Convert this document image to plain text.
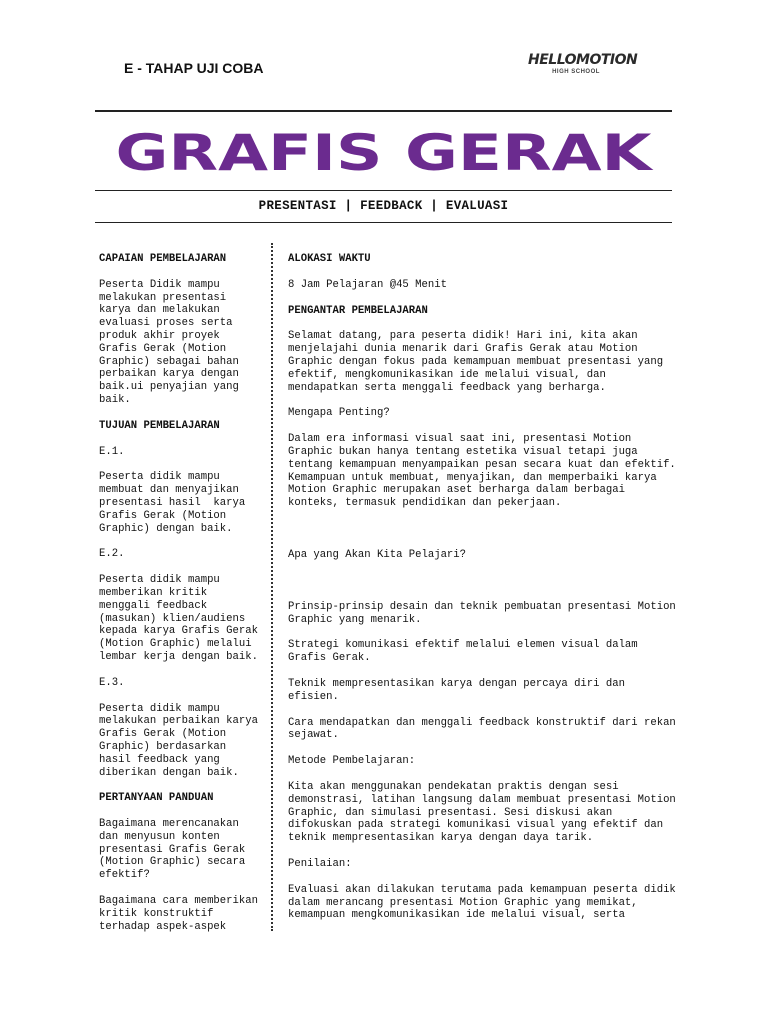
E - TAHAP UJI COBA	HELLOMOTION
HIGH SCHOOL
GRAFIS GERAK
PRESENTASI | FEEDBACK | EVALUASI

CAPAIAN PEMBELAJARAN

Peserta Didik mampu
melakukan presentasi
karya dan melakukan
evaluasi proses serta
produk akhir proyek
Grafis Gerak (Motion
Graphic) sebagai bahan
perbaikan karya dengan
baik.ui penyajian yang
baik.

TUJUAN PEMBELAJARAN

E.1.

Peserta didik mampu
membuat dan menyajikan
presentasi hasil  karya
Grafis Gerak (Motion
Graphic) dengan baik.

E.2.

Peserta didik mampu
memberikan kritik
menggali feedback
(masukan) klien/audiens
kepada karya Grafis Gerak
(Motion Graphic) melalui
lembar kerja dengan baik.

E.3.

Peserta didik mampu
melakukan perbaikan karya
Grafis Gerak (Motion
Graphic) berdasarkan
hasil feedback yang
diberikan dengan baik.

PERTANYAAN PANDUAN

Bagaimana merencanakan
dan menyusun konten
presentasi Grafis Gerak
(Motion Graphic) secara
efektif?
Bagaimana cara memberikan
kritik konstruktif
terhadap aspek-aspek

ALOKASI WAKTU

8 Jam Pelajaran @45 Menit

PENGANTAR PEMBELAJARAN

Selamat datang, para peserta didik! Hari ini, kita akan
menjelajahi dunia menarik dari Grafis Gerak atau Motion
Graphic dengan fokus pada kemampuan membuat presentasi yang
efektif, mengkomunikasikan ide melalui visual, dan
mendapatkan serta menggali feedback yang berharga.

Mengapa Penting?

Dalam era informasi visual saat ini, presentasi Motion
Graphic bukan hanya tentang estetika visual tetapi juga
tentang kemampuan menyampaikan pesan secara kuat dan efektif.
Kemampuan untuk membuat, menyajikan, dan memperbaiki karya
Motion Graphic merupakan aset berharga dalam berbagai
konteks, termasuk pendidikan dan pekerjaan.

Apa yang Akan Kita Pelajari?

Prinsip-prinsip desain dan teknik pembuatan presentasi Motion
Graphic yang menarik.
Strategi komunikasi efektif melalui elemen visual dalam
Grafis Gerak.
Teknik mempresentasikan karya dengan percaya diri dan
efisien.
Cara mendapatkan dan menggali feedback konstruktif dari rekan
sejawat.

Metode Pembelajaran:

Kita akan menggunakan pendekatan praktis dengan sesi
demonstrasi, latihan langsung dalam membuat presentasi Motion
Graphic, dan simulasi presentasi. Sesi diskusi akan
difokuskan pada strategi komunikasi visual yang efektif dan
teknik mempresentasikan karya dengan daya tarik.

Penilaian:

Evaluasi akan dilakukan terutama pada kemampuan peserta didik
dalam merancang presentasi Motion Graphic yang memikat,
kemampuan mengkomunikasikan ide melalui visual, serta
